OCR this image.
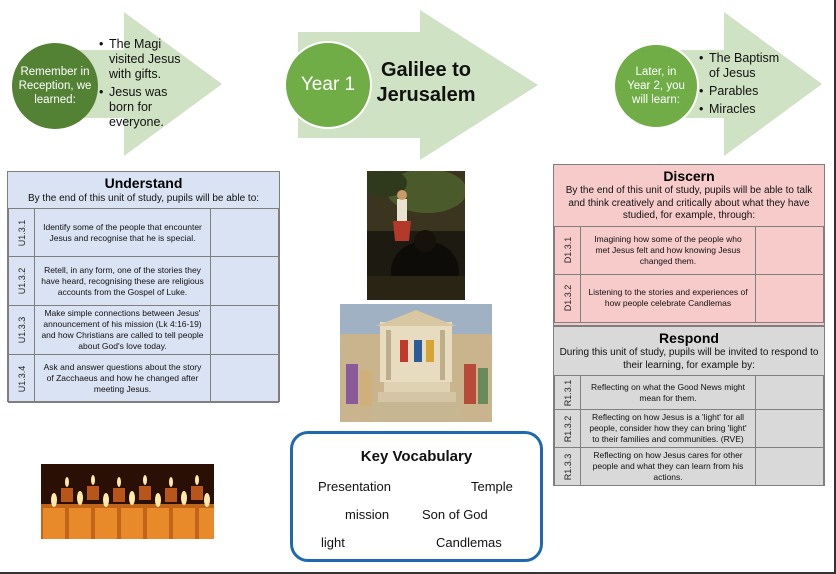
Remember in Reception, we learned:
• The Magi visited Jesus with gifts.
• Jesus was born for everyone.
Year 1
Galilee to
Jerusalem
Later, in Year 2, you will learn:
• The Baptism of Jesus
• Parables
• Miracles
Understand
By the end of this unit of study, pupils will be able to:
U1.3.1	Identify some of the people that encounter Jesus and recognise that he is special.	

U1.3.2	Retell, in any form, one of the stories they have heard, recognising these are religious accounts from the Gospel of Luke.	

U1.3.3	Make simple connections between Jesus' announcement of his mission (Lk 4:16-19) and how Christians are called to tell people about God's love today.	

U1.3.4	Ask and answer questions about the story of Zacchaeus and how he changed after meeting Jesus.	
Discern
By the end of this unit of study, pupils will be able to talk and think creatively and critically about what they have studied, for example, through:
D1.3.1	Imagining how some of the people who met Jesus felt and how knowing Jesus changed them.	

D1.3.2	Listening to the stories and experiences of how people celebrate Candlemas	
Respond
During this unit of study, pupils will be invited to respond to their learning, for example by:
R1.3.1	Reflecting on what the Good News might mean for them.	

R1.3.2	Reflecting on how Jesus is a 'light' for all people, consider how they can bring 'light' to their families and communities. (RVE)	

R1.3.3	Reflecting on how Jesus cares for other people and what they can learn from his actions.	
Key Vocabulary
Presentation	Temple
mission	Son of God
light	Candlemas
